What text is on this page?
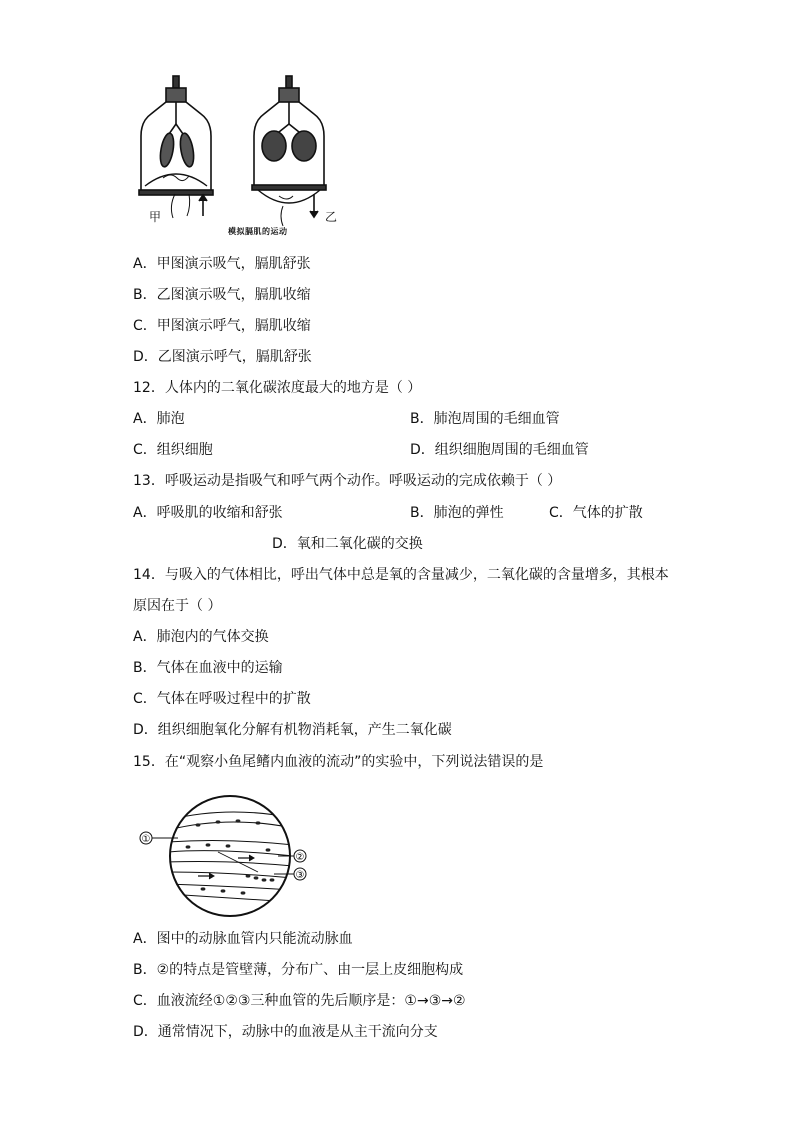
甲	乙
模拟膈肌的运动
A．甲图演示吸气，膈肌舒张
B．乙图演示吸气，膈肌收缩
C．甲图演示呼气，膈肌收缩
D．乙图演示呼气，膈肌舒张
12．人体内的二氧化碳浓度最大的地方是（ ）
A．肺泡	B．肺泡周围的毛细血管
C．组织细胞	D．组织细胞周围的毛细血管
13．呼吸运动是指吸气和呼气两个动作。呼吸运动的完成依赖于（ ）
A．呼吸肌的收缩和舒张	B．肺泡的弹性	C．气体的扩散
D．氧和二氧化碳的交换
14．与吸入的气体相比，呼出气体中总是氧的含量减少，二氧化碳的含量增多，其根本
原因在于（ ）
A．肺泡内的气体交换
B．气体在血液中的运输
C．气体在呼吸过程中的扩散
D．组织细胞氧化分解有机物消耗氧，产生二氧化碳
15．在“观察小鱼尾鳍内血液的流动”的实验中，下列说法错误的是
①
②
③
A．图中的动脉血管内只能流动脉血
B．②的特点是管壁薄，分布广、由一层上皮细胞构成
C．血液流经①②③三种血管的先后顺序是：①→③→②
D．通常情况下，动脉中的血液是从主干流向分支
